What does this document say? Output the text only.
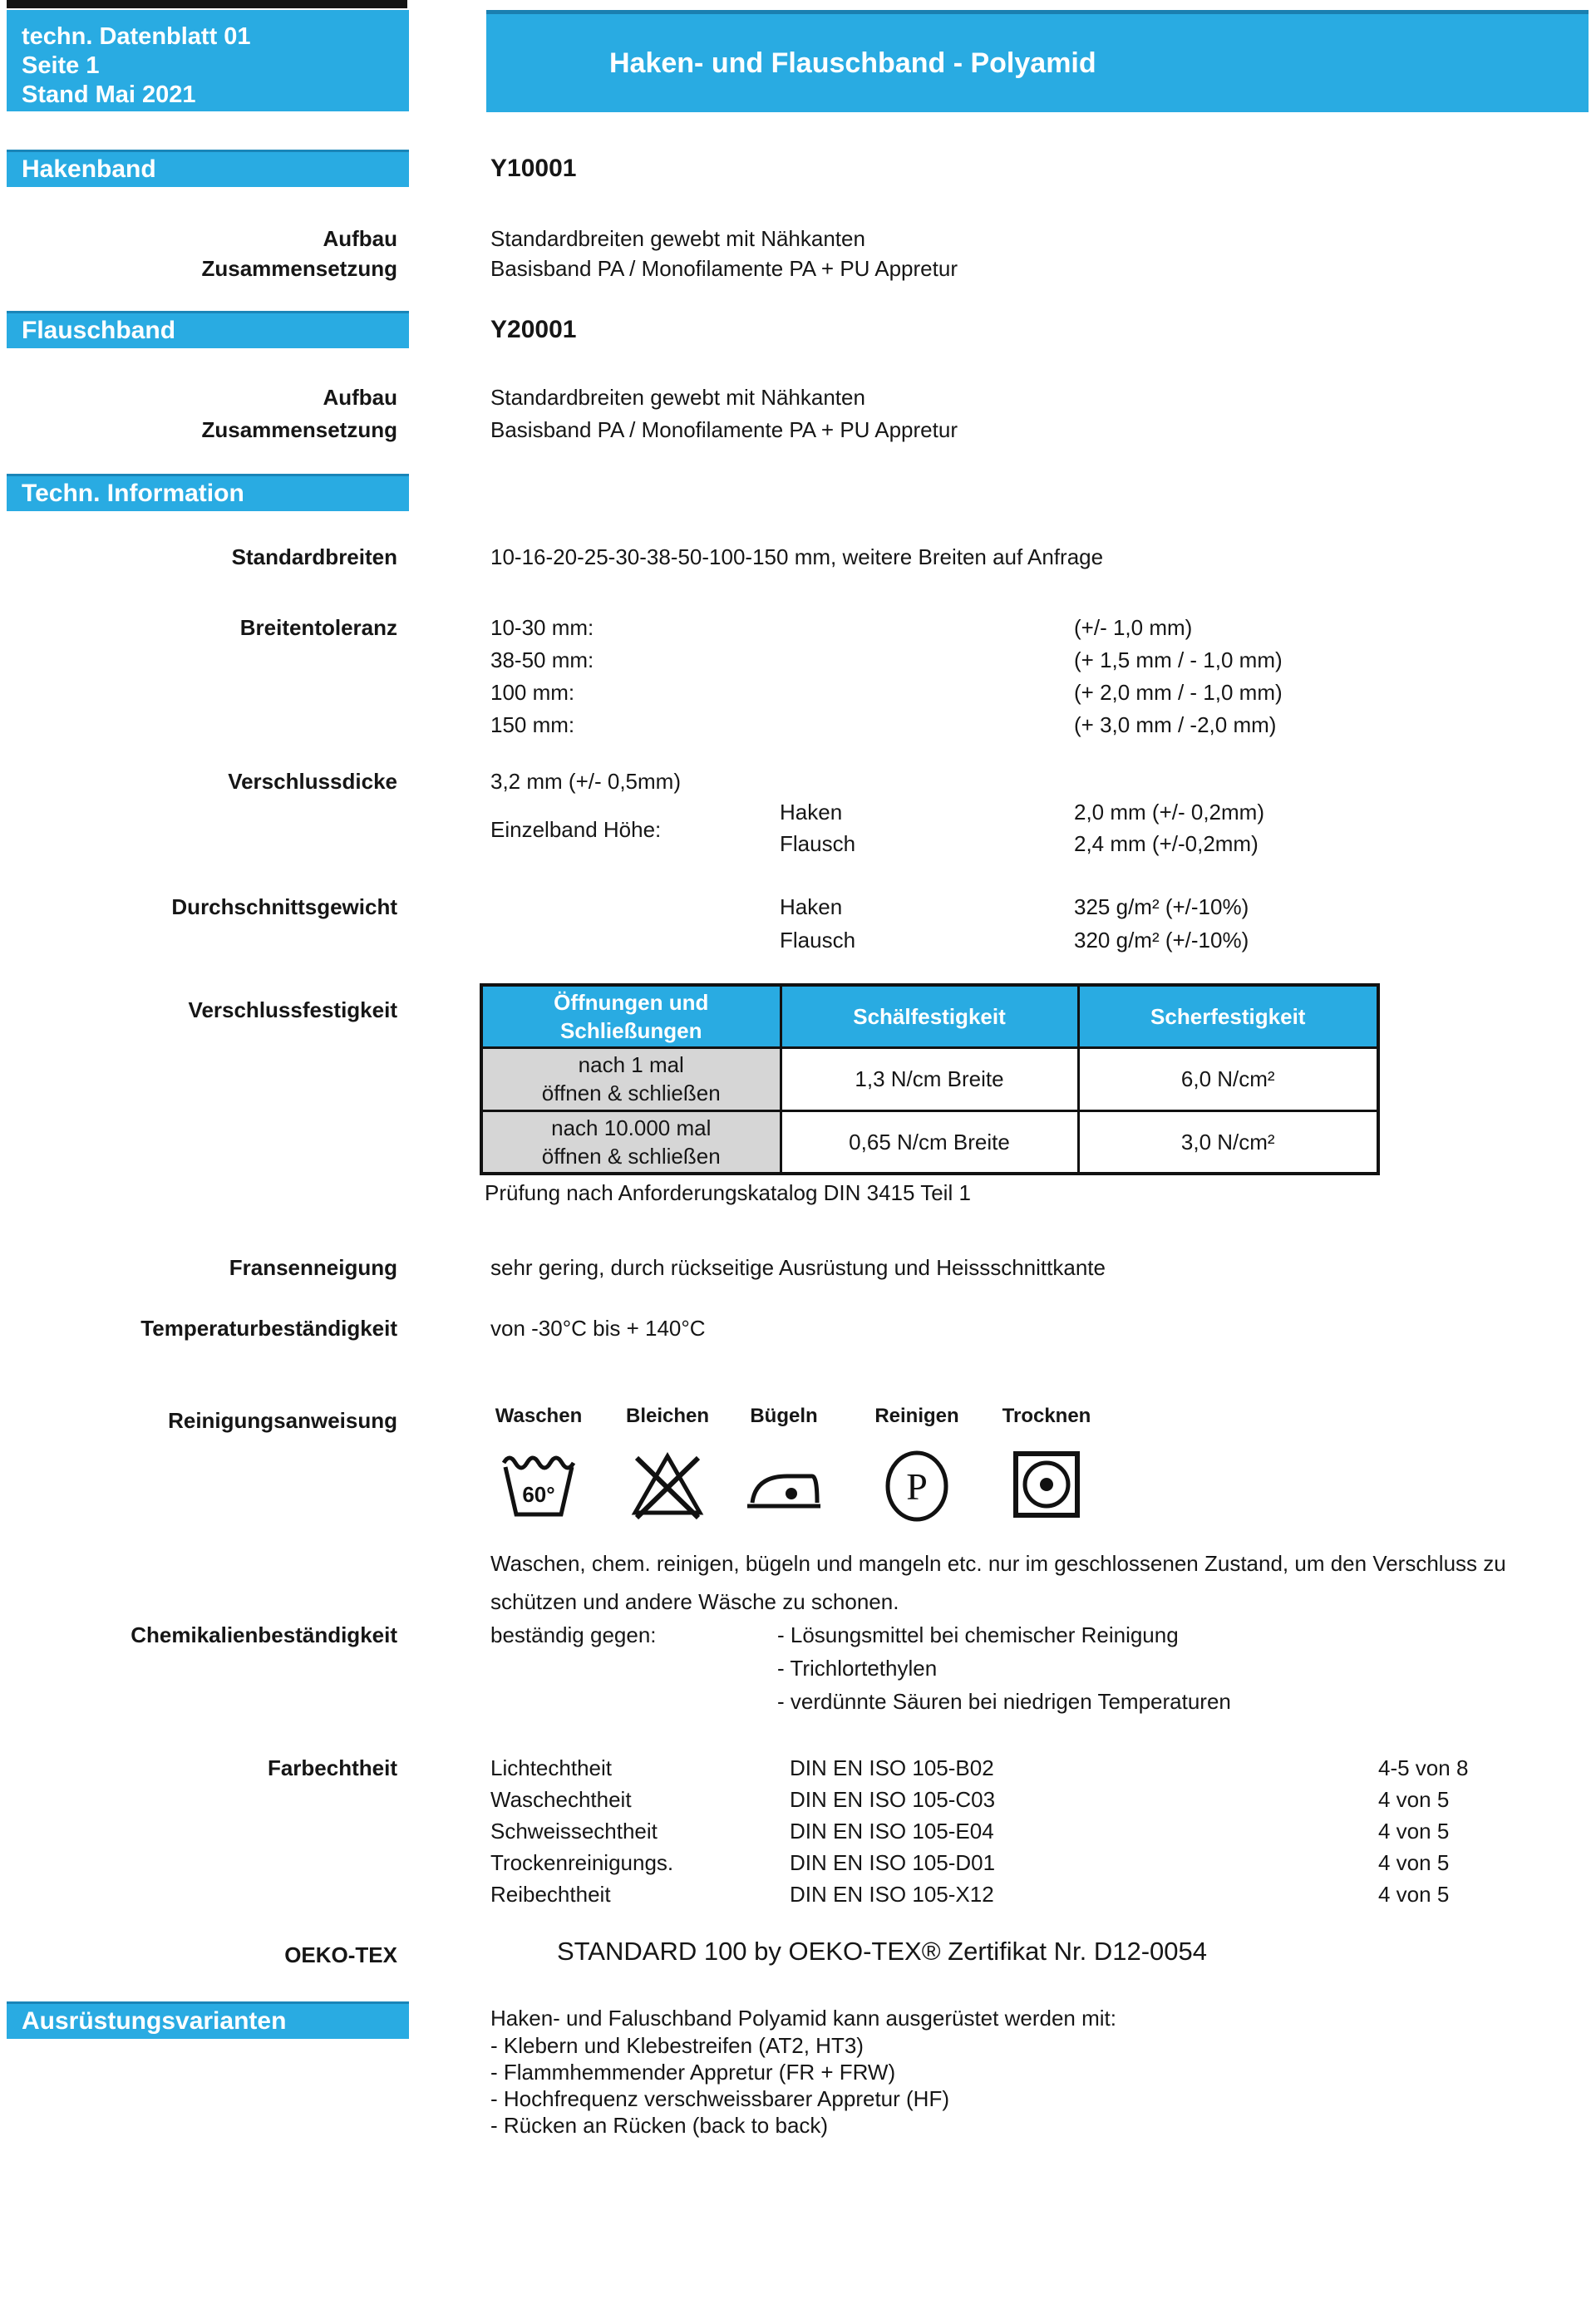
techn. Datenblatt 01
Seite 1
Stand Mai 2021
Haken- und Flauschband - Polyamid
Hakenband	Y10001
Aufbau	Standardbreiten gewebt mit Nähkanten
Zusammensetzung	Basisband PA / Monofilamente PA + PU Appretur
Flauschband	Y20001
Aufbau	Standardbreiten gewebt mit Nähkanten
Zusammensetzung	Basisband PA / Monofilamente PA + PU Appretur
Techn. Information
Standardbreiten	10-16-20-25-30-38-50-100-150 mm, weitere Breiten auf Anfrage
Breitentoleranz	10-30 mm:	(+/- 1,0 mm)
38-50 mm:	(+ 1,5 mm / - 1,0 mm)
100 mm:	(+ 2,0 mm / - 1,0 mm)
150 mm:	(+ 3,0 mm / -2,0 mm)
Verschlussdicke	3,2 mm (+/- 0,5mm)
Einzelband Höhe:
Haken	2,0 mm (+/- 0,2mm)
Flausch	2,4 mm (+/-0,2mm)
Durchschnittsgewicht	Haken	325 g/m² (+/-10%)
Flausch	320 g/m² (+/-10%)
Verschlussfestigkeit	Öffnungen und
Schließungen	Schälfestigkeit	Scherfestigkeit

nach 1 mal
öffnen & schließen	1,3 N/cm Breite	6,0 N/cm²

nach 10.000 mal
öffnen & schließen	0,65 N/cm Breite	3,0 N/cm²
Prüfung nach Anforderungskatalog DIN 3415 Teil 1
Fransenneigung	sehr gering, durch rückseitige Ausrüstung und Heissschnittkante
Temperaturbeständigkeit	von -30°C bis + 140°C
Reinigungsanweisung	Waschen
60°
Bleichen	Bügeln	Reinigen
P
Trocknen
Waschen, chem. reinigen, bügeln und mangeln etc. nur im geschlossenen Zustand, um den Verschluss zu schützen und andere Wäsche zu schonen.
Chemikalienbeständigkeit	beständig gegen:	- Lösungsmittel bei chemischer Reinigung
- Trichlortethylen
- verdünnte Säuren bei niedrigen Temperaturen
Farbechtheit	Lichtechtheit	DIN EN ISO 105-B02	4-5 von 8
Waschechtheit	DIN EN ISO 105-C03	4 von 5
Schweissechtheit	DIN EN ISO 105-E04	4 von 5
Trockenreinigungs.	DIN EN ISO 105-D01	4 von 5
Reibechtheit	DIN EN ISO 105-X12	4 von 5
OEKO-TEX	STANDARD 100 by OEKO-TEX® Zertifikat Nr. D12-0054
Ausrüstungsvarianten	Haken- und Faluschband Polyamid kann ausgerüstet werden mit:
- Klebern und Klebestreifen (AT2, HT3)
- Flammhemmender Appretur (FR + FRW)
- Hochfrequenz verschweissbarer Appretur (HF)
- Rücken an Rücken (back to back)
